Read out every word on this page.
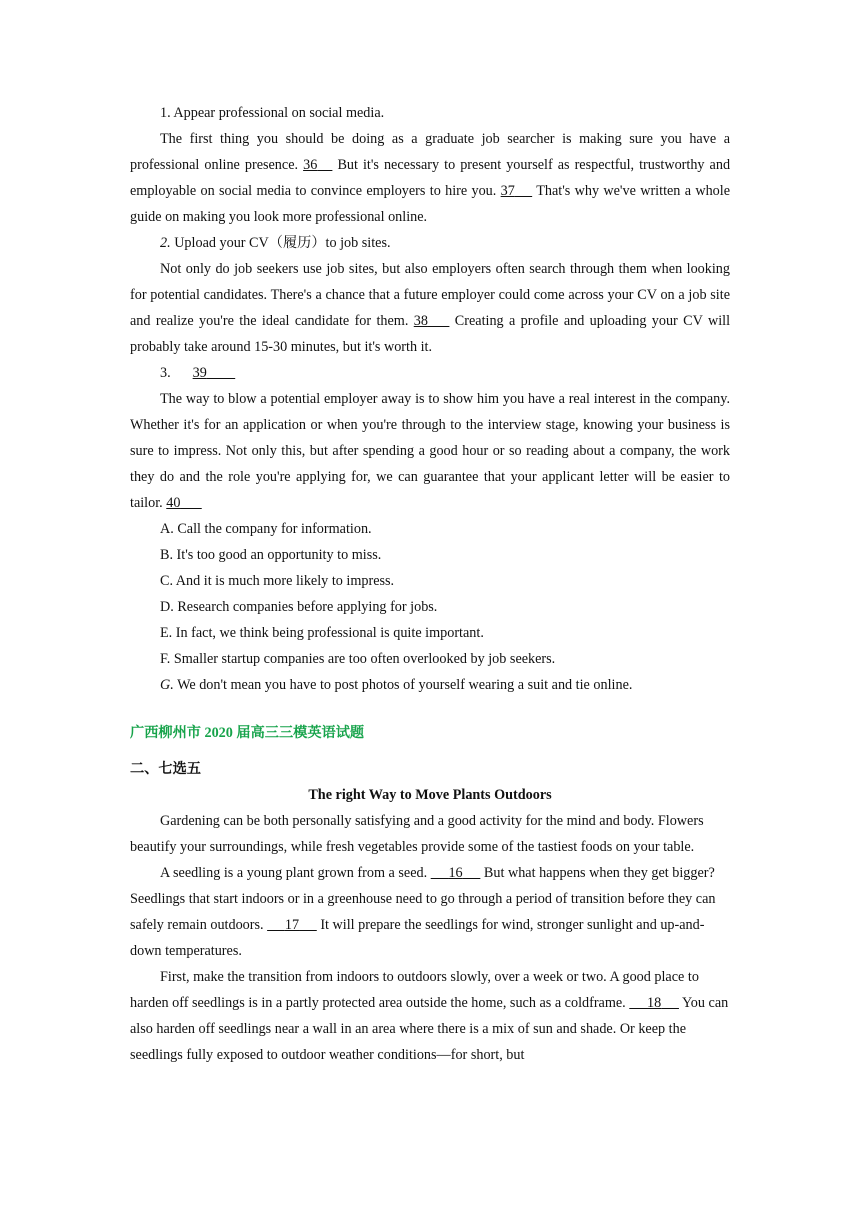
1. Appear professional on social media.

The first thing you should be doing as a graduate job searcher is making sure you have a professional online presence. 36 But it's necessary to present yourself as respectful, trustworthy and employable on social media to convince employers to hire you. 37 That's why we've written a whole guide on making you look more professional online.

2. Upload your CV（履历）to job sites.

Not only do job seekers use job sites, but also employers often search through them when looking for potential candidates. There's a chance that a future employer could come across your CV on a job site and realize you're the ideal candidate for them. 38 Creating a profile and uploading your CV will probably take around 15-30 minutes, but it's worth it.

3. 39

The way to blow a potential employer away is to show him you have a real interest in the company. Whether it's for an application or when you're through to the interview stage, knowing your business is sure to impress. Not only this, but after spending a good hour or so reading about a company, the work they do and the role you're applying for, we can guarantee that your applicant letter will be easier to tailor. 40

A. Call the company for information.

B. It's too good an opportunity to miss.

C. And it is much more likely to impress.

D. Research companies before applying for jobs.

E. In fact, we think being professional is quite important.

F. Smaller startup companies are too often overlooked by job seekers.

G. We don't mean you have to post photos of yourself wearing a suit and tie online.

广西柳州市 2020 届高三三模英语试题

二、七选五

The right Way to Move Plants Outdoors

Gardening can be both personally satisfying and a good activity for the mind and body. Flowers beautify your surroundings, while fresh vegetables provide some of the tastiest foods on your table.

A seedling is a young plant grown from a seed. 16 But what happens when they get bigger? Seedlings that start indoors or in a greenhouse need to go through a period of transition before they can safely remain outdoors. 17 It will prepare the seedlings for wind, stronger sunlight and up-and-down temperatures.

First, make the transition from indoors to outdoors slowly, over a week or two. A good place to harden off seedlings is in a partly protected area outside the home, such as a coldframe. 18 You can also harden off seedlings near a wall in an area where there is a mix of sun and shade. Or keep the seedlings fully exposed to outdoor weather conditions—for short, but
